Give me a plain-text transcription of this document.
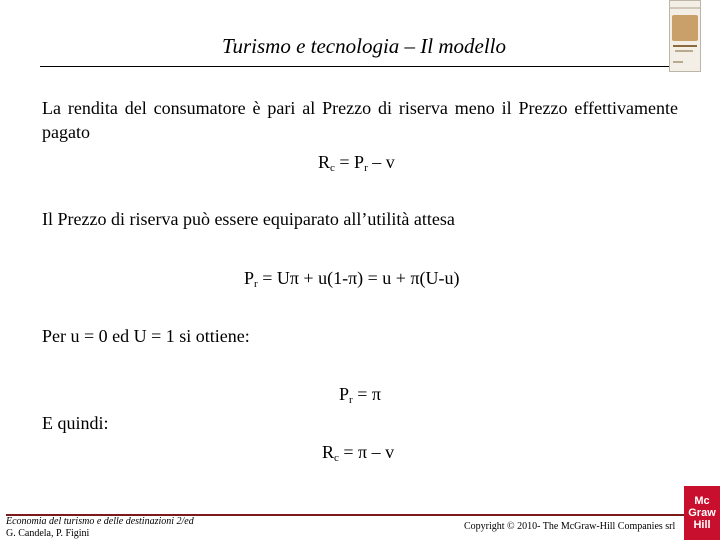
Turismo e tecnologia – Il modello
La rendita del consumatore è pari al Prezzo di riserva meno il Prezzo effettivamente pagato
$R_c = P_r - v$
Il Prezzo di riserva può essere equiparato all’utilità attesa
$P_r = U\pi + u(1-\pi) = u + \pi(U-u)$
Per u = 0 ed U = 1 si ottiene:
$P_r = \pi$
E quindi:
$R_c = \pi - v$
Economia del turismo e delle destinazioni 2/ed
G. Candela, P. Figini
Copyright © 2010- The McGraw-Hill Companies srl
Mc
Graw
Hill
